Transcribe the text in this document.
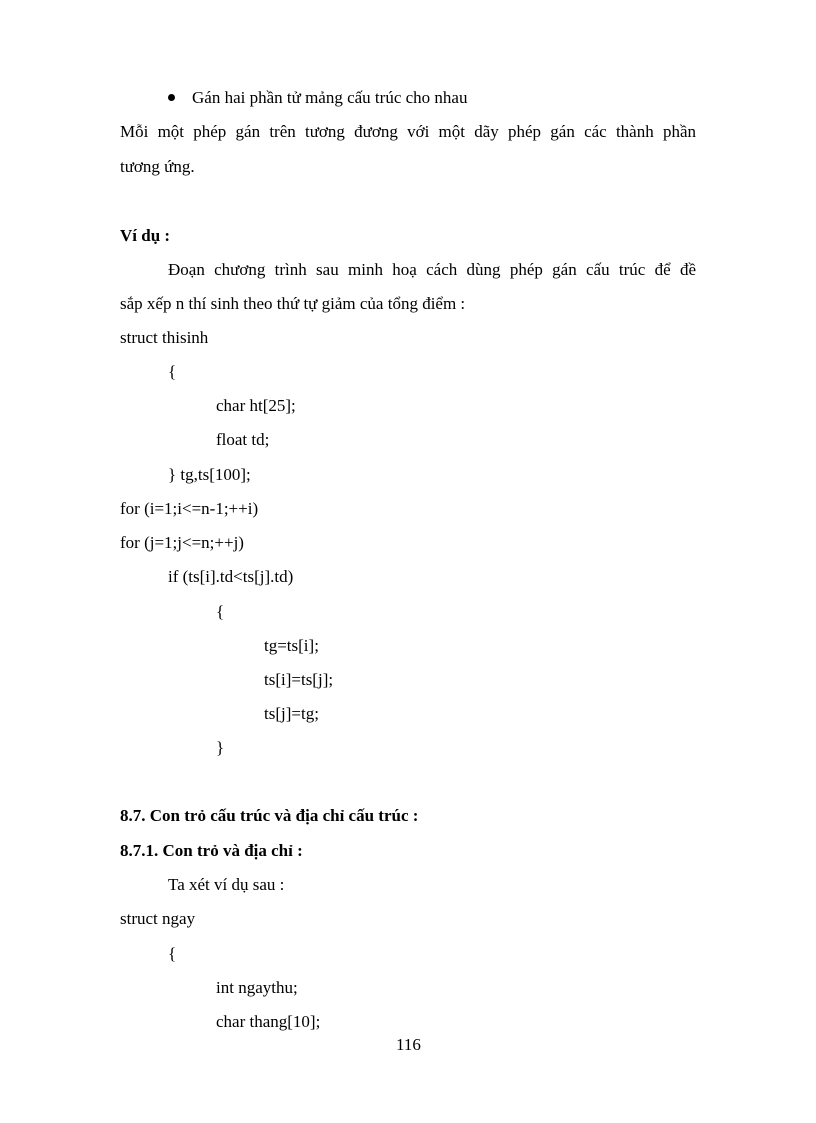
Gán hai phần tử mảng cấu trúc cho nhau
Mỗi một phép gán trên tương đương với một dãy phép gán các thành phần
tương ứng.
Ví dụ :
Đoạn chương trình sau minh hoạ cách dùng phép gán cấu trúc để đề
sắp xếp n thí sinh theo thứ tự giảm của tổng điểm :
struct thisinh
{
char ht[25];
float td;
} tg,ts[100];
for (i=1;i<=n-1;++i)
for (j=1;j<=n;++j)
if (ts[i].td<ts[j].td)
{
tg=ts[i];
ts[i]=ts[j];
ts[j]=tg;
}
8.7. Con trỏ cấu trúc và địa chỉ cấu trúc :
8.7.1. Con trỏ và địa chỉ :
Ta xét ví dụ sau :
struct ngay
{
int ngaythu;
char thang[10];
116
